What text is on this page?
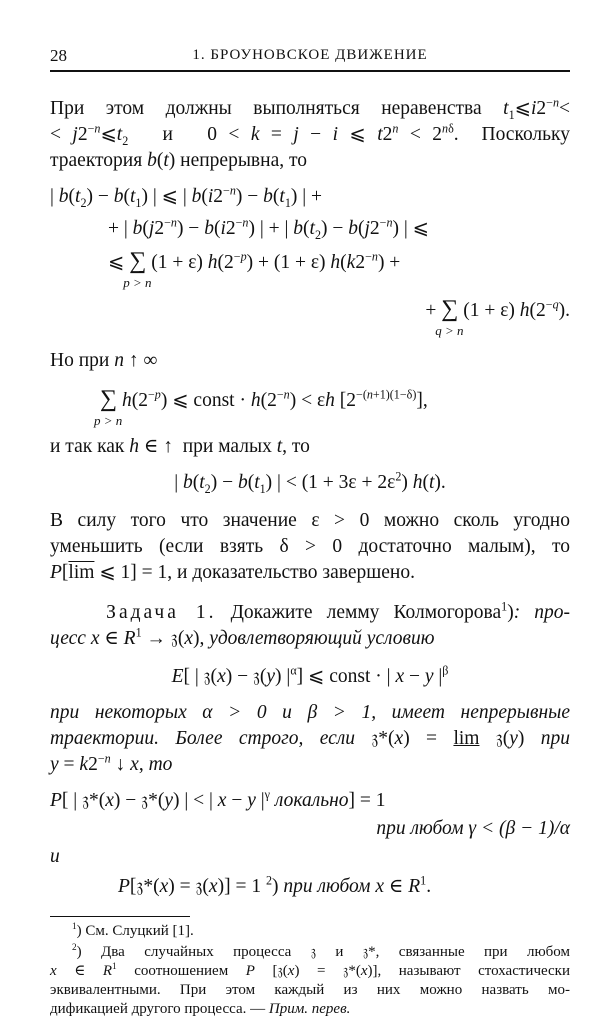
28	1. БРОУНОВСКОЕ ДВИЖЕНИЕ
При этом должны выполняться неравенства $t_1⩽i2^{-n}<$
< $j2^{-n}⩽t_2$   и   0 < k = j − i ⩽ $t2^n < 2^{n\delta}$.  Поскольку
траектория b(t) непрерывна, то
| $b(t_2) - b(t_1)$ | ⩽ | $b(i2^{-n}) - b(t_1)$ | +
+ | $b(j2^{-n}) - b(i2^{-n})$ | + | $b(t_2) - b(j2^{-n})$ | ⩽
⩽ ∑
p > n
(1 + ε) $h(2^{-p}) + (1 + \varepsilon) h(k2^{-n})$ +
+ ∑
q > n
(1 + ε) $h(2^{-q})$.
Но при n ↑ ∞
∑
p > n
$h(2^{-p})$ ⩽ const · $h(2^{-n}) < \varepsilon h$ $[2^{-(n+1)(1-\delta)}]$,
и так как h ∈ ↑  при малых t, то
| $b(t_2) - b(t_1)$ | < $(1 + 3\varepsilon + 2\varepsilon^2)$ h(t).
В силу того что значение ε > 0 можно сколь угодно
уменьшить (если взять δ > 0 достаточно малым), то
$P[\overline{lim}$ ⩽ 1] = 1, и доказательство завершено.
Задача 1. Докажите лемму Колмогорова$^1$): про-
цесс x ∈ $R^1$ → 𝔷(x), удовлетворяющий условию
E[ | 𝔷(x) − 𝔷(y) $|^\alpha$] ⩽ const · | x − y $|^\beta$
при некоторых α > 0 и β > 1, имеет непрерывные
траектории. Более строго, если 𝔷*(x) = lim 𝔷(y) при
$y = k2^{-n}$ ↓ x, то
P[ | 𝔷*(x) − 𝔷*(y) | < | x − y $|^\gamma$ локально] = 1
при любом γ < (β − 1)/α
и
P[𝔷*(x) = 𝔷(x)] = 1 $^2$) при любом x ∈ $R^1$.
$^1$) См. Слуцкий [1].
$^2$) Два случайных процесса 𝔷 и 𝔷*, связанные при любом
x ∈ $R^1$ соотношением P [𝔷(x) = 𝔷*(x)], называют стохастически
эквивалентными. При этом каждый из них можно назвать мо-
дификацией другого процесса. — Прим. перев.
